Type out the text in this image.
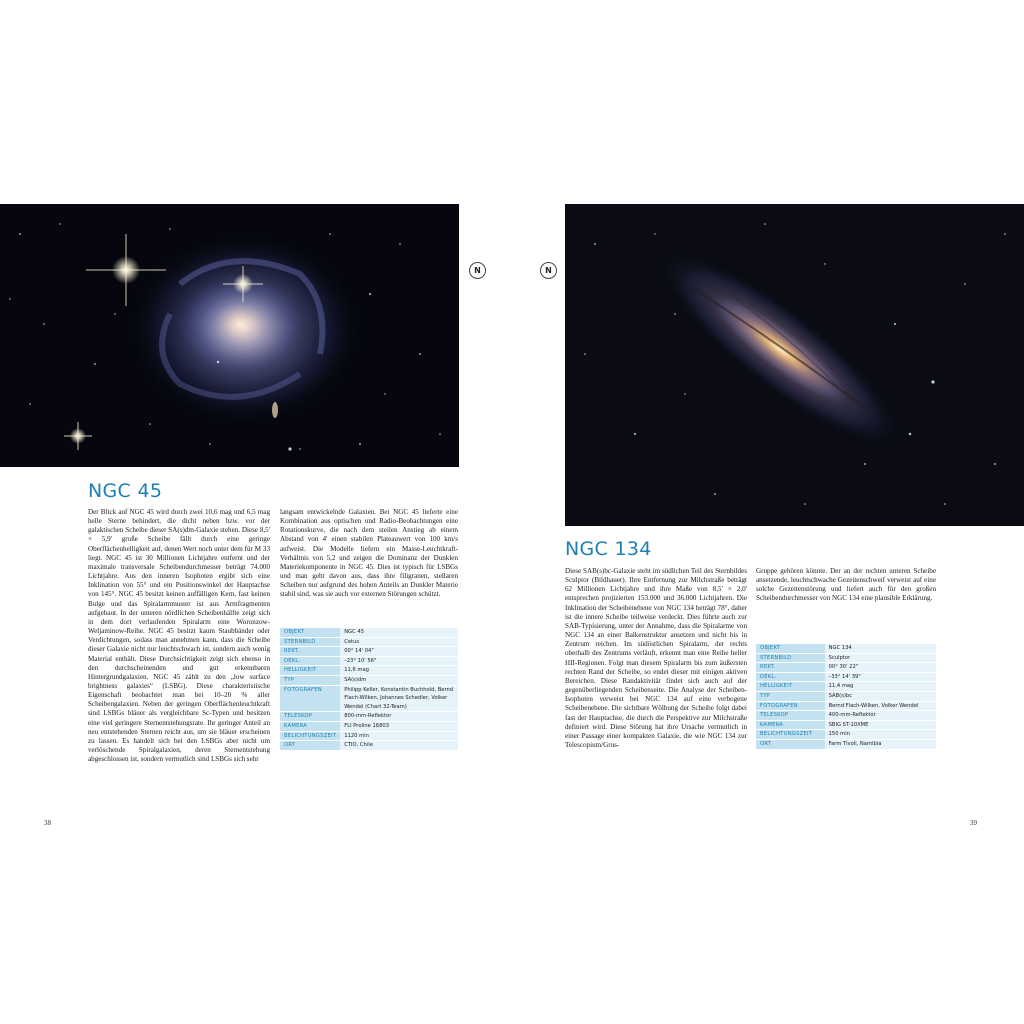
N
NGC 45

Der Blick auf NGC 45 wird durch zwei 10,6 mag und 6,5 mag helle Sterne behindert, die dicht neben bzw. vor der galaktischen Scheibe dieser SA(s)dm-Galaxie stehen. Diese 8,5' × 5,9' große Scheibe fällt durch eine geringe Oberflächenhelligkeit auf, denen Wert noch unter dem für M 33 liegt. NGC 45 ist 30 Millionen Lichtjahre entfernt und der maximale transversale Scheibendurchmesser beträgt 74.000 Lichtjahre. Aus den inneren Isophoten ergibt sich eine Inklination von 55° und ein Positionswinkel der Hauptachse von 145°. NGC 45 besitzt keinen auffälligen Kern, fast keinen Bulge und das Spiralarmmuster ist aus Armfragmenten aufgebaut. In der unteren nördlichen Scheibenhälfte zeigt sich in dem dort verlaufenden Spiralarm eine Woronzow-Weljaminow-Reihe. NGC 45 besitzt kaum Staubbänder oder Verdichtungen, sodass man annehmen kann, dass die Scheibe dieser Galaxie nicht nur leuchtschwach ist, sondern auch wenig Material enthält. Diese Durchsichtigkeit zeigt sich ebenso in den durchscheinenden und gut erkennbaren Hintergrundgalaxien. NGC 45 zählt zu den „low surface brightness galaxies“ (LSBG). Diese charakteristische Eigenschaft beobachtet man bei 10–20 % aller Scheibengalaxien. Neben der geringen Oberflächenleuchtkraft sind LSBGs bläuer als vergleichbare Sc-Typen und besitzen eine viel geringere Sternentstehungsrate. Ihr geringer Anteil an neu entstehenden Sternen reicht aus, um sie bläuer erscheinen zu lassen. Es handelt sich bei den LSBGs aber nicht um verlöschende Spiralgalaxien, deren Sternentstehung abgeschlossen ist, sondern vermutlich sind LSBGs sich sehr

langsam entwickelnde Galaxien. Bei NGC 45 lieferte eine Kombination aus optischen und Radio-Beobachtungen eine Rotationskurve, die nach dem steilen Anstieg ab einem Abstand von 4' einen stabilen Plateauwert von 100 km/s aufweist. Die Modelle liefern ein Masse-Leuchtkraft-Verhältnis von 5,2 und zeigen die Dominanz der Dunklen Materiekomponente in NGC 45. Dies ist typisch für LSBGs und man geht davon aus, dass ihre filigranen, stellaren Scheiben nur aufgrund des hohen Anteils an Dunkler Materie stabil sind, was sie auch vor externen Störungen schützt.

OBJEKT	NGC 45
STERNBILD	Cetus
REKT.	00° 14' 04"
DEKL.	–23° 10' 56"
HELLIGKEIT	11,6 mag
TYP	SA(s)dm
FOTOGRAFEN	Philipp Keller, Konstantin Buchhold, Bernd Flach-Wilken, Johannes Schedler, Volker Wendel (Chart 32-Team)
TELESKOP	800-mm-Reflektor
KAMERA	FLI Proline 16803
BELICHTUNGSZEIT	1120 min
ORT	CTIO, Chile
38
N
NGC 134

Diese SAB(s)bc-Galaxie steht im südlichen Teil des Sternbildes Sculptor (Bildhauer). Ihre Entfernung zur Milchstraße beträgt 62 Millionen Lichtjahre und ihre Maße von 8,5' × 2,0' entsprechen projizierten 153.000 und 36.000 Lichtjahren. Die Inklination der Scheibenebene von NGC 134 beträgt 78°, daher ist die innere Scheibe teilweise verdeckt. Dies führte auch zur SAB-Typisierung, unter der Annahme, dass die Spiralarme von NGC 134 an einer Balkenstruktur ansetzen und nicht bis in Zentrum reichen. Im südöstlichen Spiralarm, der rechts oberhalb des Zentrums verläuft, erkennt man eine Reihe heller HII-Regionen. Folgt man diesem Spiralarm bis zum äußersten rechten Rand der Scheibe, so endet dieser mit einigen aktiven Bereichen. Diese Randaktivität findet sich auch auf der gegenüberliegenden Scheibenseite. Die Analyse der Scheiben-Isophoten verweist bei NGC 134 auf eine verbogene Scheibenebene. Die sichtbare Wölbung der Scheibe folgt dabei fast der Hauptachse, die durch die Perspektive zur Milchstraße definiert wird. Diese Störung hat ihre Ursache vermutlich in einer Passage einer kompakten Galaxie, die wie NGC 134 zur Telescopium/Grus-

Gruppe gehören könnte. Der an der rechten unteren Scheibe ansetzende, leuchtschwache Gezeitenschweif verweist auf eine solche Gezeitenstörung und liefert auch für den großen Scheibendurchmesser von NGC 134 eine plausible Erklärung.

OBJEKT	NGC 134
STERNBILD	Sculptor
REKT.	00° 30' 22"
DEKL.	–33° 14' 39"
HELLIGKEIT	11,4 mag
TYP	SAB(s)bc
FOTOGRAFEN	Bernd Flach-Wilken, Volker Wendel
TELESKOP	400-mm-Reflektor
KAMERA	SBIG ST-10XME
BELICHTUNGSZEIT	150 min
ORT	Farm Tivoli, Namibia
39
